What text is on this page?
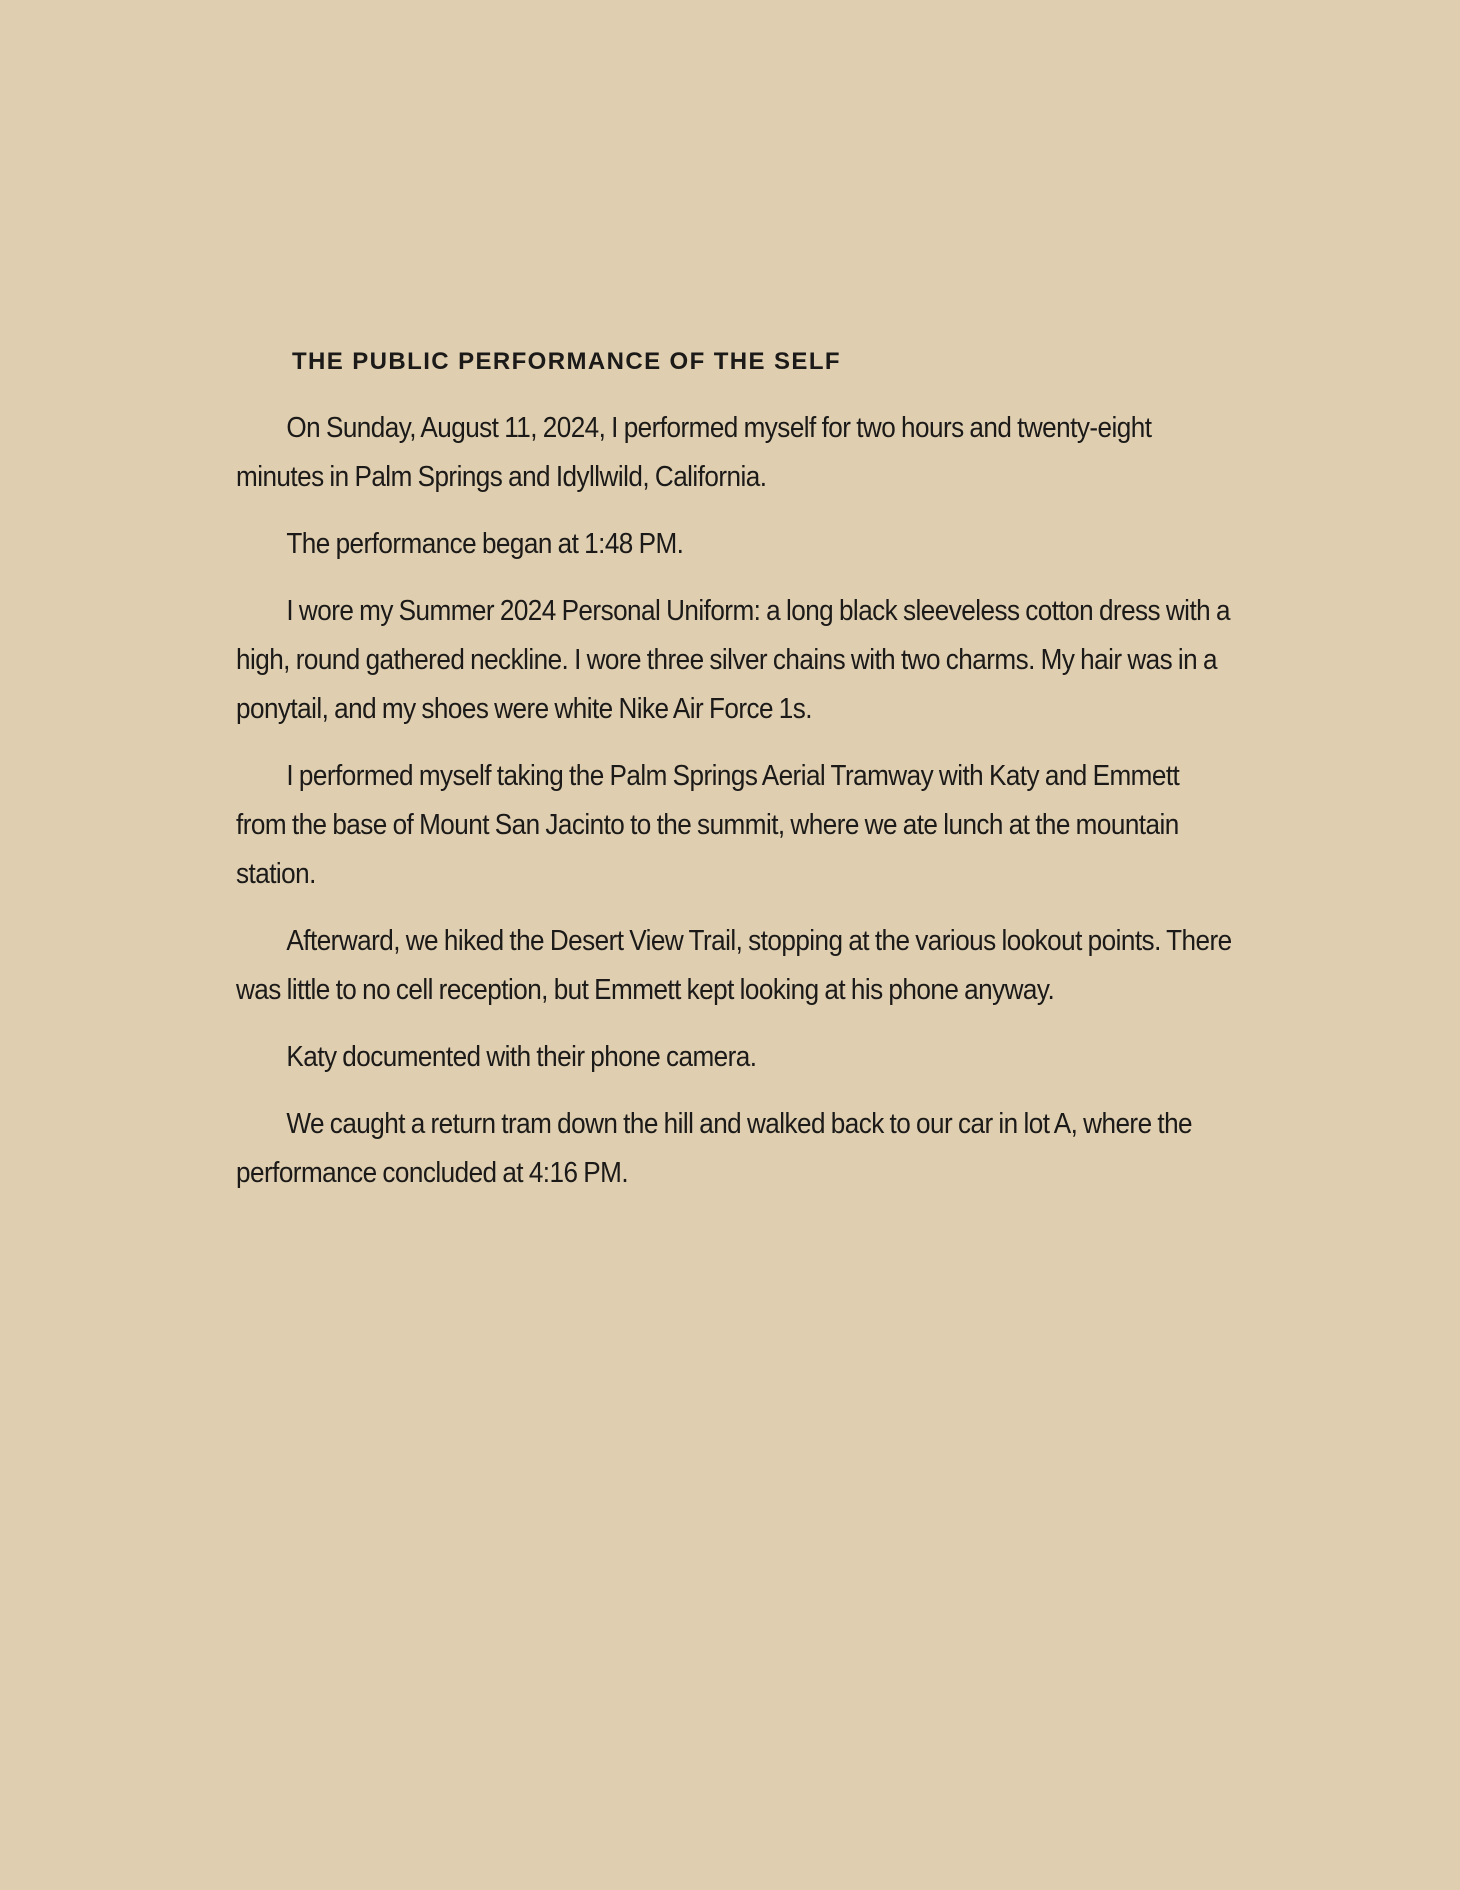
THE PUBLIC PERFORMANCE OF THE SELF

On Sunday, August 11, 2024, I performed myself for two hours and twenty-eight minutes in Palm Springs and Idyllwild, California.

The performance began at 1:48 PM.

I wore my Summer 2024 Personal Uniform: a long black sleeveless cotton dress with a high, round gathered neckline. I wore three silver chains with two charms. My hair was in a ponytail, and my shoes were white Nike Air Force 1s.

I performed myself taking the Palm Springs Aerial Tramway with Katy and Emmett from the base of Mount San Jacinto to the summit, where we ate lunch at the mountain station.

Afterward, we hiked the Desert View Trail, stopping at the various lookout points. There was little to no cell reception, but Emmett kept looking at his phone anyway.

Katy documented with their phone camera.

We caught a return tram down the hill and walked back to our car in lot A, where the performance concluded at 4:16 PM.
